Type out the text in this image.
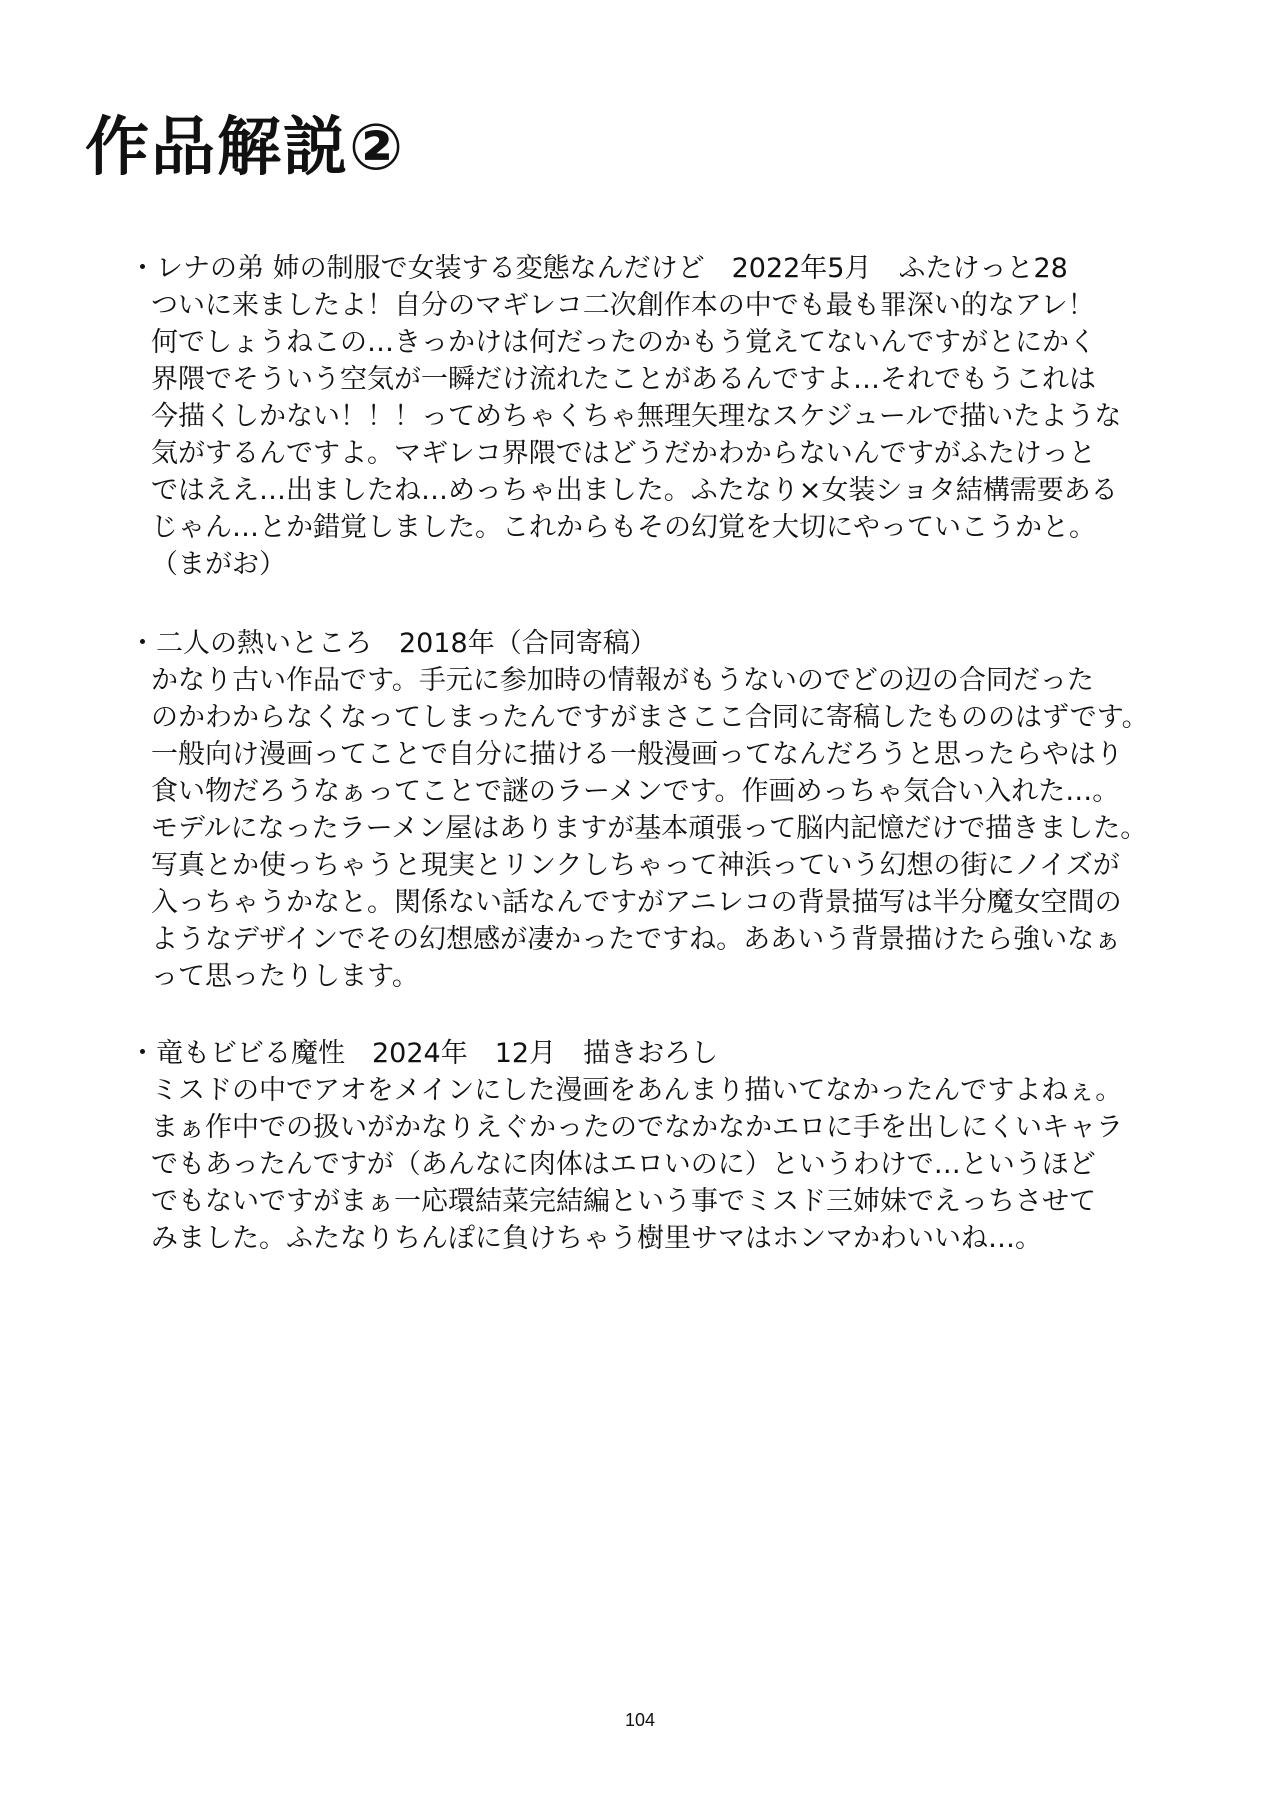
作品解説②
・レナの弟 姉の制服で女装する変態なんだけど　2022年5月　ふたけっと28
ついに来ましたよ！自分のマギレコ二次創作本の中でも最も罪深い的なアレ！
何でしょうねこの…きっかけは何だったのかもう覚えてないんですがとにかく
界隈でそういう空気が一瞬だけ流れたことがあるんですよ…それでもうこれは
今描くしかない！！！ってめちゃくちゃ無理矢理なスケジュールで描いたような
気がするんですよ。マギレコ界隈ではどうだかわからないんですがふたけっと
ではええ…出ましたね…めっちゃ出ました。ふたなり×女装ショタ結構需要ある
じゃん…とか錯覚しました。これからもその幻覚を大切にやっていこうかと。
（まがお）
・二人の熱いところ　2018年（合同寄稿）
かなり古い作品です。手元に参加時の情報がもうないのでどの辺の合同だった
のかわからなくなってしまったんですがまさここ合同に寄稿したもののはずです。
一般向け漫画ってことで自分に描ける一般漫画ってなんだろうと思ったらやはり
食い物だろうなぁってことで謎のラーメンです。作画めっちゃ気合い入れた…。
モデルになったラーメン屋はありますが基本頑張って脳内記憶だけで描きました。
写真とか使っちゃうと現実とリンクしちゃって神浜っていう幻想の街にノイズが
入っちゃうかなと。関係ない話なんですがアニレコの背景描写は半分魔女空間の
ようなデザインでその幻想感が凄かったですね。ああいう背景描けたら強いなぁ
って思ったりします。
・竜もビビる魔性　2024年　12月　描きおろし
ミスドの中でアオをメインにした漫画をあんまり描いてなかったんですよねぇ。
まぁ作中での扱いがかなりえぐかったのでなかなかエロに手を出しにくいキャラ
でもあったんですが（あんなに肉体はエロいのに）というわけで…というほど
でもないですがまぁ一応環結菜完結編という事でミスド三姉妹でえっちさせて
みました。ふたなりちんぽに負けちゃう樹里サマはホンマかわいいね…。
104
